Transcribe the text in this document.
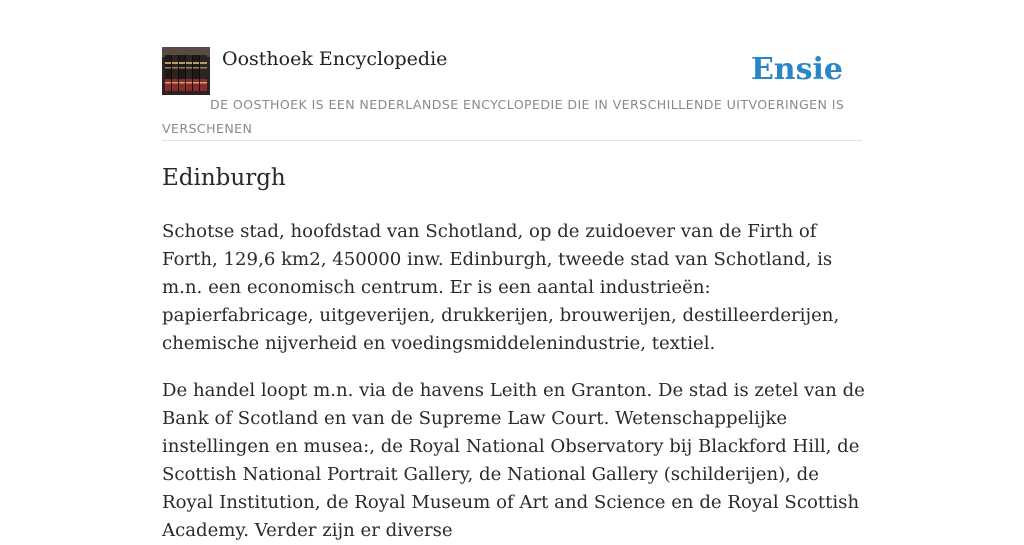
Oosthoek Encyclopedie	Ensie
DE OOSTHOEK IS EEN NEDERLANDSE ENCYCLOPEDIE DIE IN VERSCHILLENDE UITVOERINGEN IS VERSCHENEN
Edinburgh

Schotse stad, hoofdstad van Schotland, op de zuidoever van de Firth of Forth, 129,6 km2, 450000 inw. Edinburgh, tweede stad van Schotland, is m.n. een economisch centrum. Er is een aantal industrieën: papierfabricage, uitgeverijen, drukkerijen, brouwerijen, destilleerderijen, chemische nijverheid en voedingsmiddelenindustrie, textiel.

De handel loopt m.n. via de havens Leith en Granton. De stad is zetel van de Bank of Scotland en van de Supreme Law Court. Wetenschappelijke instellingen en musea:, de Royal National Observatory bij Blackford Hill, de Scottish National Portrait Gallery, de National Gallery (schilderijen), de Royal Institution, de Royal Museum of Art and Science en de Royal Scottish Academy. Verder zijn er diverse
